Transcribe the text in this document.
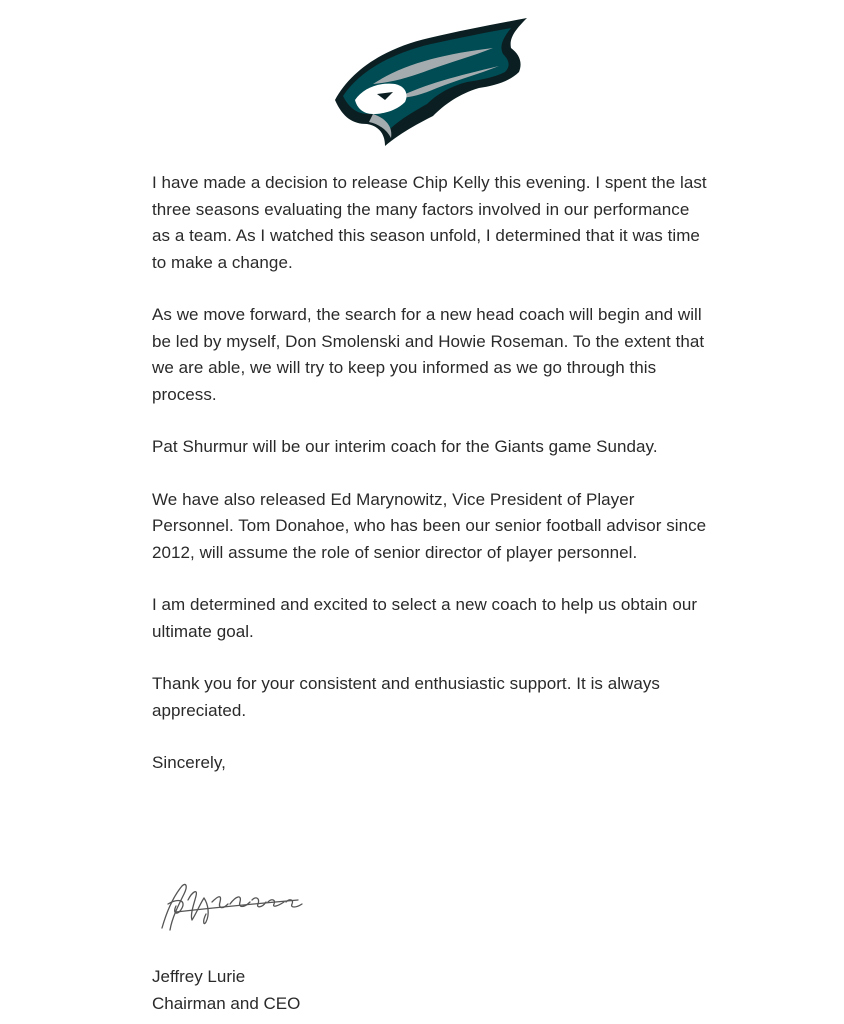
I have made a decision to release Chip Kelly this evening. I spent the last three seasons evaluating the many factors involved in our performance as a team. As I watched this season unfold, I determined that it was time to make a change.

As we move forward, the search for a new head coach will begin and will be led by myself, Don Smolenski and Howie Roseman. To the extent that we are able, we will try to keep you informed as we go through this process.

Pat Shurmur will be our interim coach for the Giants game Sunday.

We have also released Ed Marynowitz, Vice President of Player Personnel. Tom Donahoe, who has been our senior football advisor since 2012, will assume the role of senior director of player personnel.

I am determined and excited to select a new coach to help us obtain our ultimate goal.

Thank you for your consistent and enthusiastic support. It is always appreciated.

Sincerely,

Jeffrey Lurie
Chairman and CEO
